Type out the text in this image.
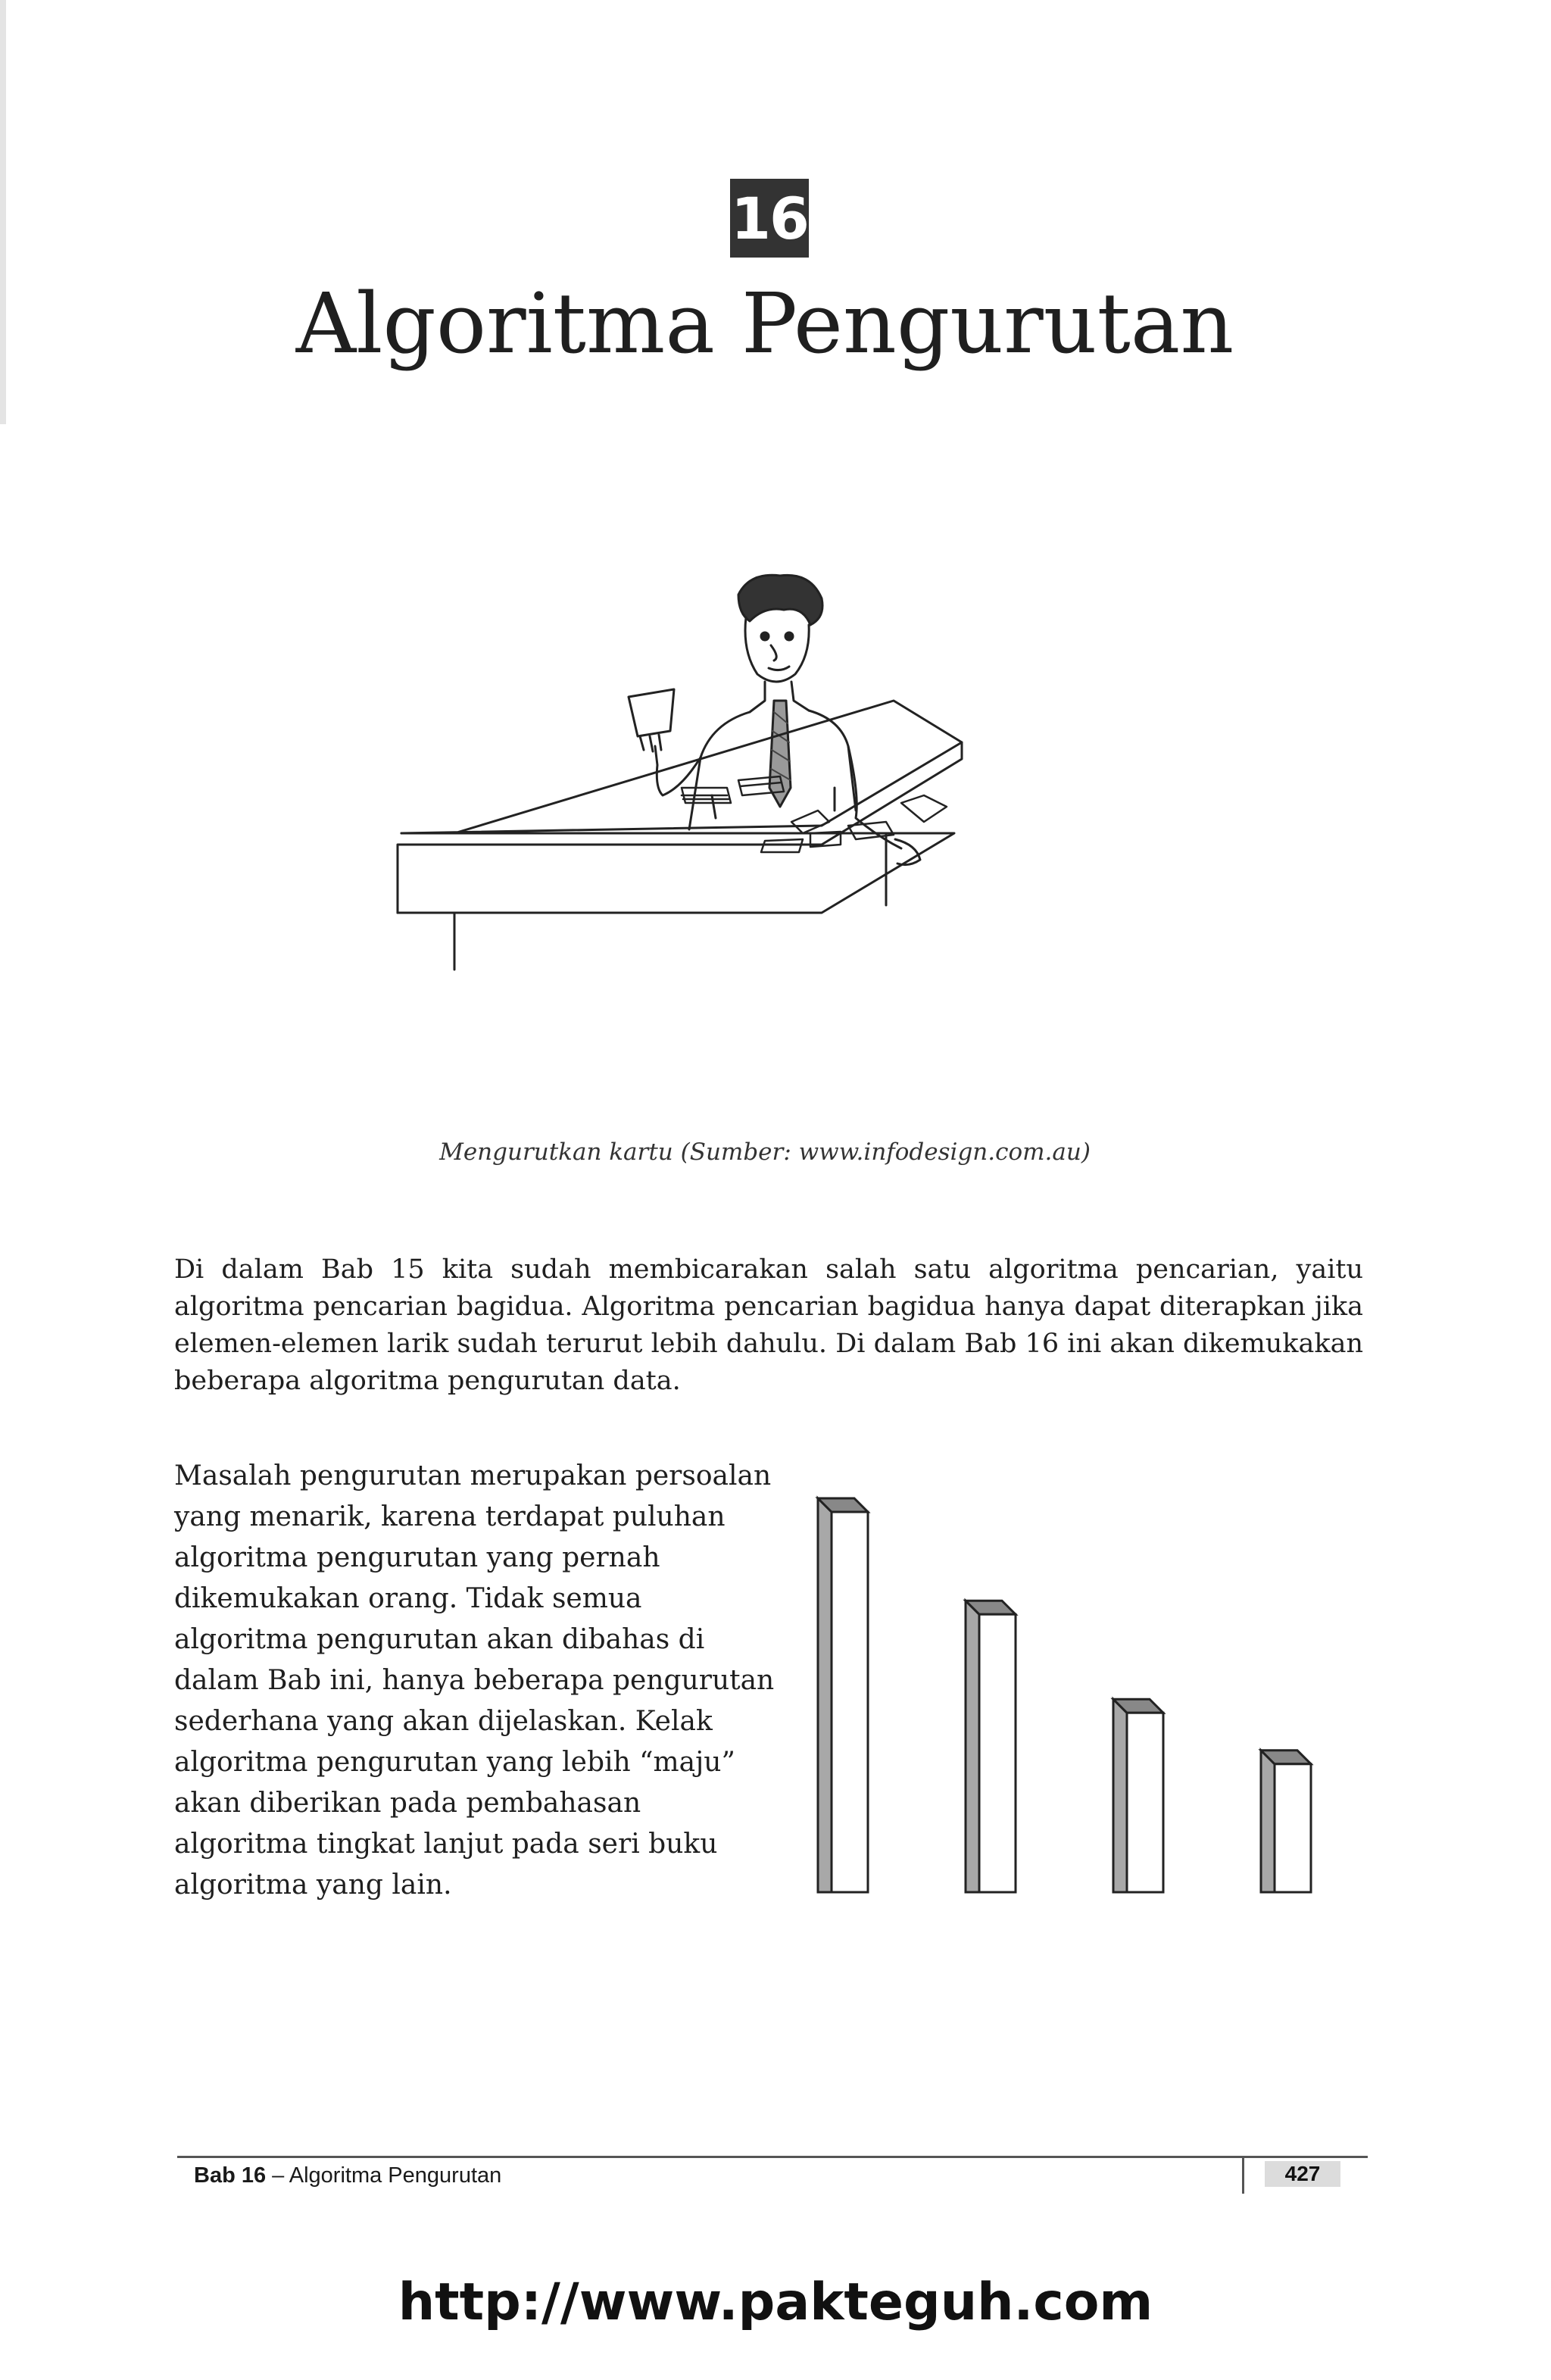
16
Algoritma Pengurutan
Mengurutkan kartu (Sumber: www.infodesign.com.au)
Di dalam Bab 15 kita sudah membicarakan salah satu algoritma pencarian, yaitu algoritma pencarian bagidua. Algoritma pencarian bagidua hanya dapat diterapkan jika elemen-elemen larik sudah terurut lebih dahulu. Di dalam Bab 16 ini akan dikemukakan beberapa algoritma pengurutan data.
Masalah pengurutan merupakan persoalan yang menarik, karena terdapat puluhan algoritma pengurutan yang pernah dikemukakan orang. Tidak semua algoritma pengurutan akan dibahas di dalam Bab ini, hanya beberapa pengurutan sederhana yang akan dijelaskan. Kelak algoritma pengurutan yang lebih “maju” akan diberikan pada pembahasan algoritma tingkat lanjut pada seri buku algoritma yang lain.
Bab 16 – Algoritma Pengurutan	427
http://www.pakteguh.com
